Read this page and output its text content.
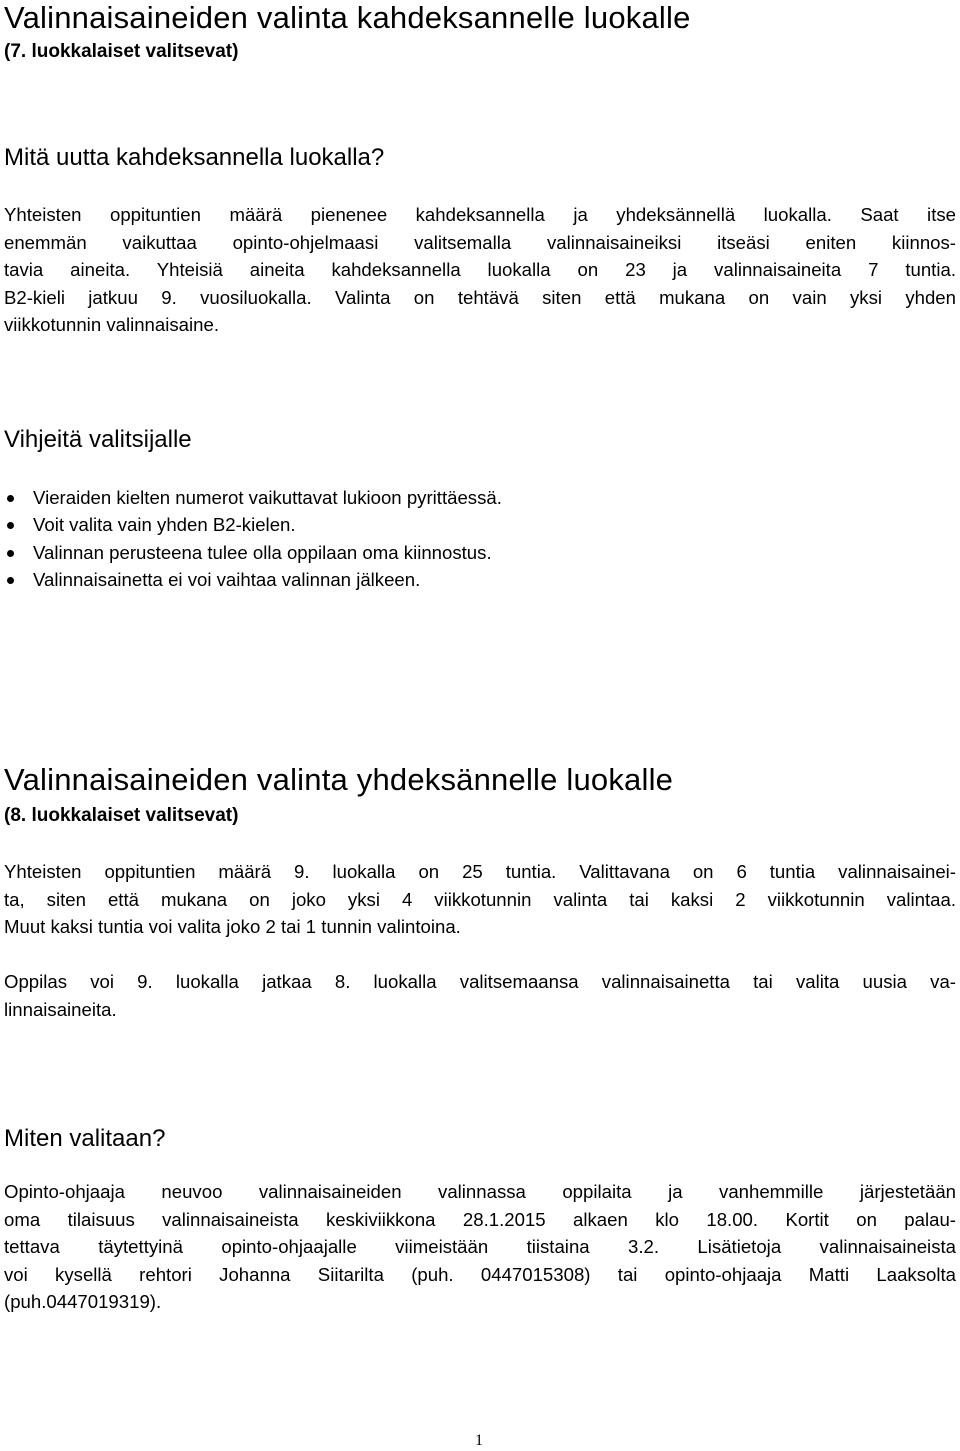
Valinnaisaineiden valinta kahdeksannelle luokalle
(7. luokkalaiset valitsevat)
Mitä uutta kahdeksannella luokalla?
Yhteisten oppituntien määrä pienenee kahdeksannella ja yhdeksännellä luokalla. Saat itse
enemmän vaikuttaa opinto-ohjelmaasi valitsemalla valinnaisaineiksi itseäsi eniten kiinnos-
tavia aineita. Yhteisiä aineita kahdeksannella luokalla on 23 ja valinnaisaineita 7 tuntia.
B2-kieli jatkuu 9. vuosiluokalla. Valinta on tehtävä siten että mukana on vain yksi yhden
viikkotunnin valinnaisaine.
Vihjeitä valitsijalle
Vieraiden kielten numerot vaikuttavat lukioon pyrittäessä.
Voit valita vain yhden B2-kielen.
Valinnan perusteena tulee olla oppilaan oma kiinnostus.
Valinnaisainetta ei voi vaihtaa valinnan jälkeen.
Valinnaisaineiden valinta yhdeksännelle luokalle
(8. luokkalaiset valitsevat)
Yhteisten oppituntien määrä 9. luokalla on 25 tuntia. Valittavana on 6 tuntia valinnaisainei-
ta, siten että mukana on joko yksi 4 viikkotunnin valinta tai kaksi 2 viikkotunnin valintaa.
Muut kaksi tuntia voi valita joko 2 tai 1 tunnin valintoina.
Oppilas voi 9. luokalla jatkaa 8. luokalla valitsemaansa valinnaisainetta tai valita uusia va-
linnaisaineita.
Miten valitaan?
Opinto-ohjaaja neuvoo valinnaisaineiden valinnassa oppilaita ja vanhemmille järjestetään
oma tilaisuus valinnaisaineista keskiviikkona 28.1.2015 alkaen klo 18.00. Kortit on palau-
tettava täytettyinä opinto-ohjaajalle viimeistään tiistaina 3.2. Lisätietoja valinnaisaineista
voi kysellä rehtori Johanna Siitarilta (puh. 0447015308) tai opinto-ohjaaja Matti Laaksolta
(puh.0447019319).
1
